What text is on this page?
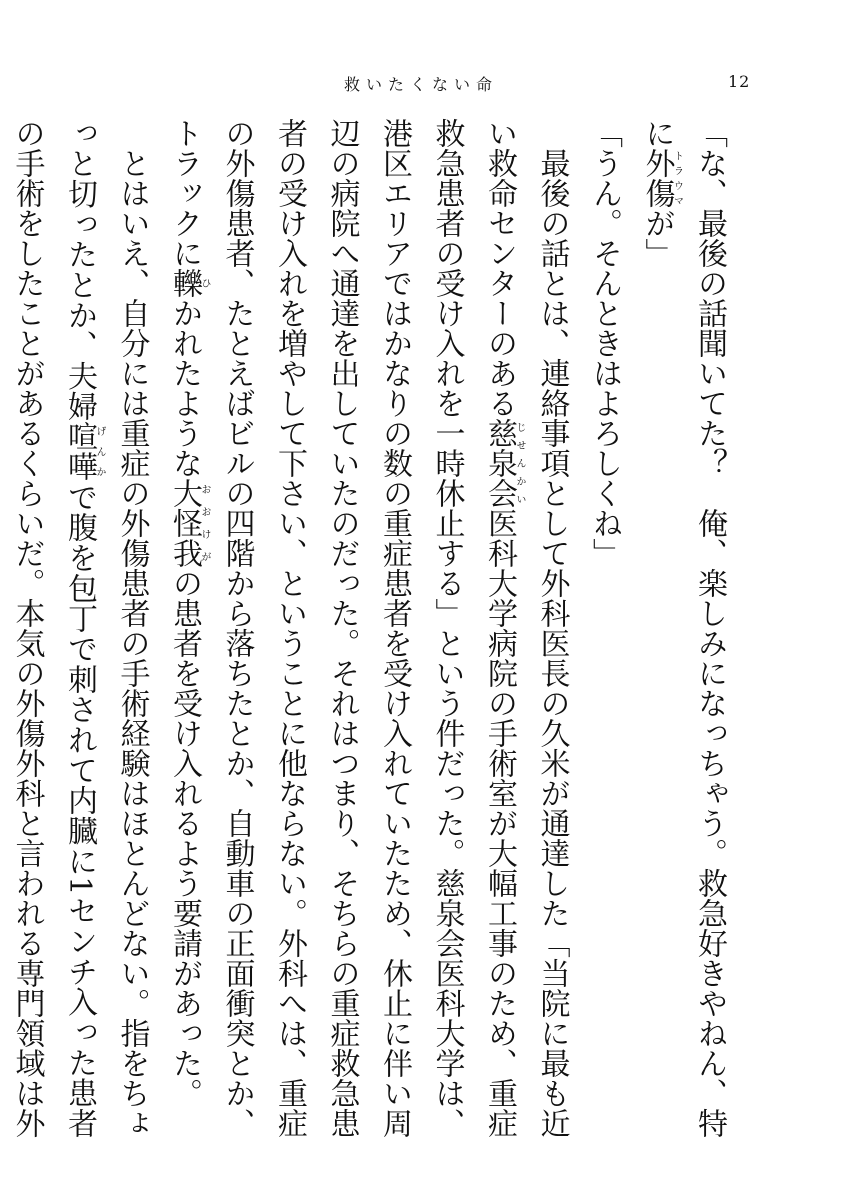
救いたくない命	12

「な、最後の話聞いてた？　俺、楽しみになっちゃう。救急好きやねん、特に外傷トラウマが」

「うん。そんときはよろしくね」

最後の話とは、連絡事項として外科医長の久米が通達した「当院に最も近い救命センターのある慈泉会じせんかい医科大学病院の手術室が大幅工事のため、重症救急患者の受け入れを一時休止する」という件だった。慈泉会医科大学は、港区エリアではかなりの数の重症患者を受け入れていたため、休止に伴い周辺の病院へ通達を出していたのだった。それはつまり、そちらの重症救急患者の受け入れを増やして下さい、ということに他ならない。外科へは、重症の外傷患者、たとえばビルの四階から落ちたとか、自動車の正面衝突とか、トラックに轢ひかれたような大怪我おおけがの患者を受け入れるよう要請があった。

とはいえ、自分には重症の外傷患者の手術経験はほとんどない。指をちょっと切ったとか、夫婦喧嘩げんかで腹を包丁で刺されて内臓に1センチ入った患者の手術をしたことがあるくらいだ。本気の外傷外科と言われる専門領域は外
